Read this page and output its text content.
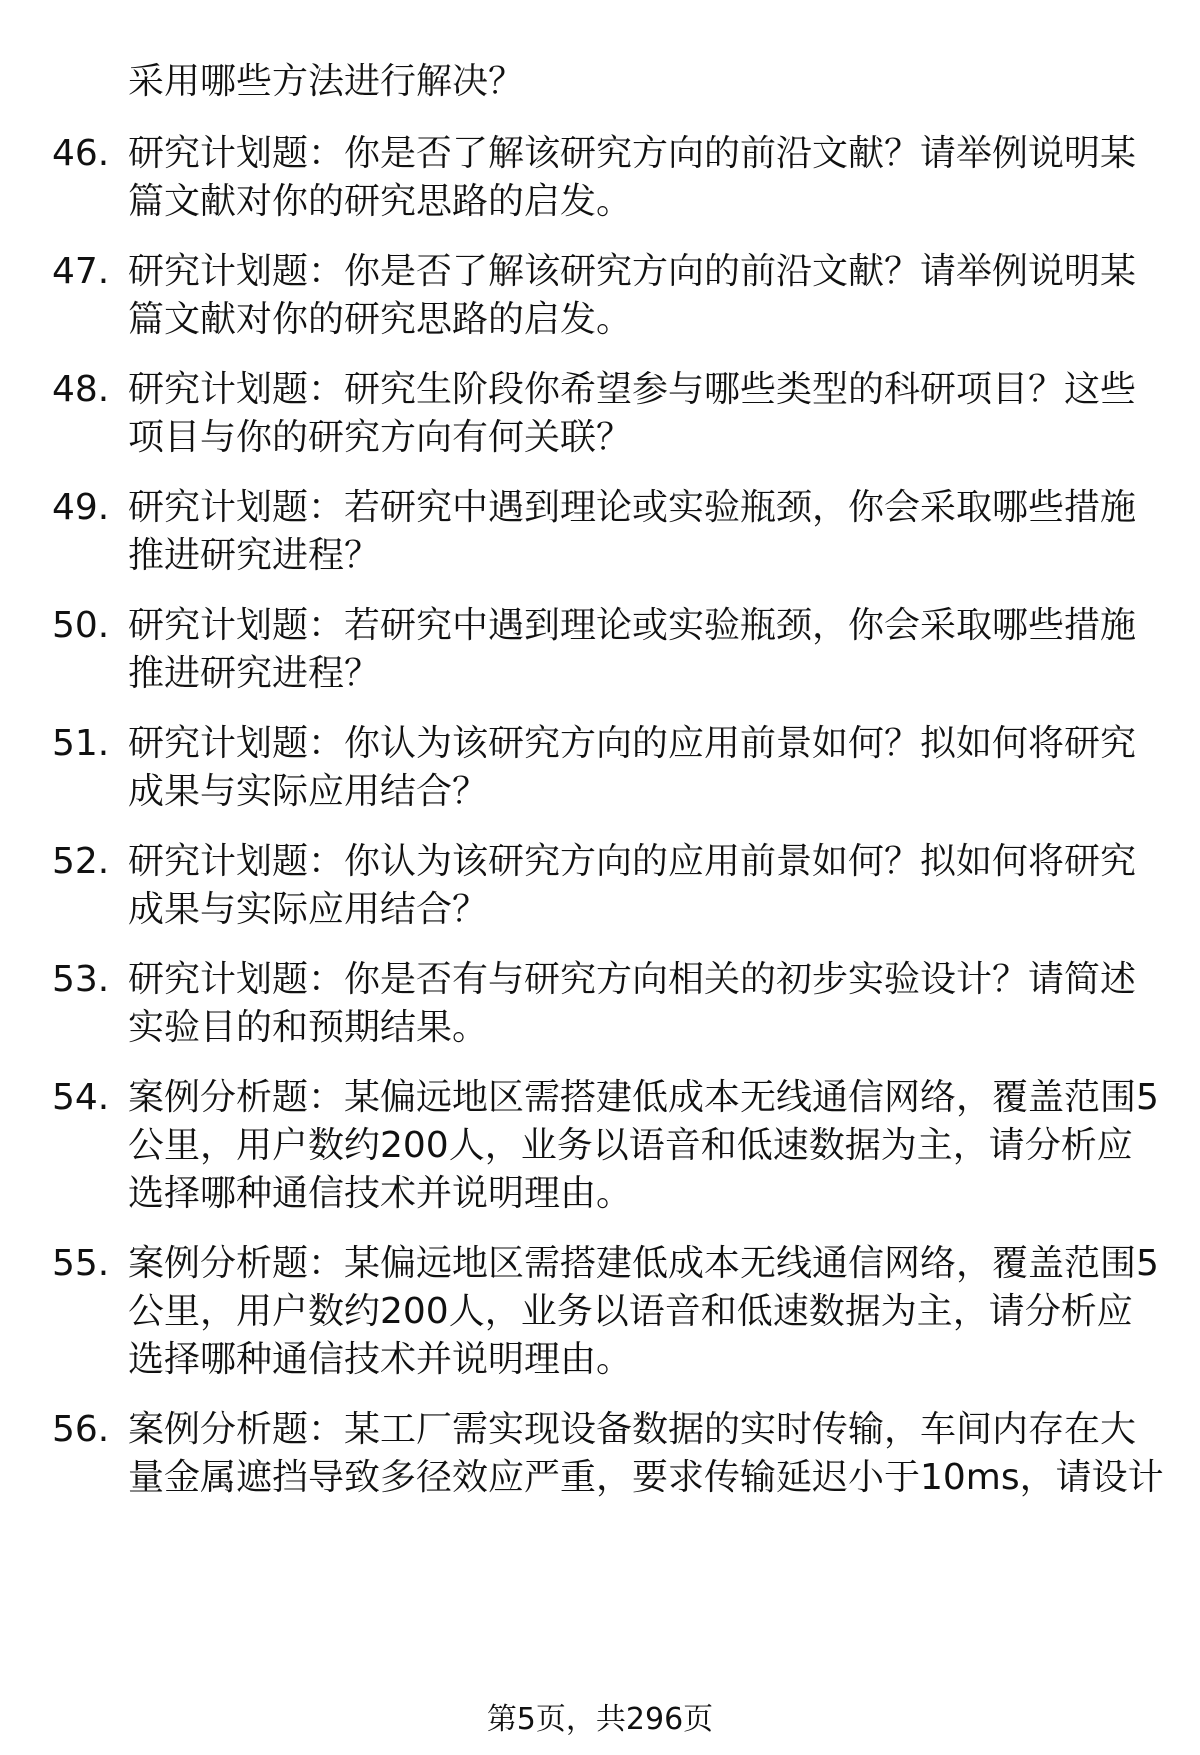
采用哪些方法进行解决？
46. 研究计划题：你是否了解该研究方向的前沿文献？请举例说明某
篇文献对你的研究思路的启发。
47. 研究计划题：你是否了解该研究方向的前沿文献？请举例说明某
篇文献对你的研究思路的启发。
48. 研究计划题：研究生阶段你希望参与哪些类型的科研项目？这些
项目与你的研究方向有何关联？
49. 研究计划题：若研究中遇到理论或实验瓶颈，你会采取哪些措施
推进研究进程？
50. 研究计划题：若研究中遇到理论或实验瓶颈，你会采取哪些措施
推进研究进程？
51. 研究计划题：你认为该研究方向的应用前景如何？拟如何将研究
成果与实际应用结合？
52. 研究计划题：你认为该研究方向的应用前景如何？拟如何将研究
成果与实际应用结合？
53. 研究计划题：你是否有与研究方向相关的初步实验设计？请简述
实验目的和预期结果。
54. 案例分析题：某偏远地区需搭建低成本无线通信网络，覆盖范围5
公里，用户数约200人，业务以语音和低速数据为主，请分析应
选择哪种通信技术并说明理由。
55. 案例分析题：某偏远地区需搭建低成本无线通信网络，覆盖范围5
公里，用户数约200人，业务以语音和低速数据为主，请分析应
选择哪种通信技术并说明理由。
56. 案例分析题：某工厂需实现设备数据的实时传输，车间内存在大
量金属遮挡导致多径效应严重，要求传输延迟小于10ms，请设计
第5页，共296页
